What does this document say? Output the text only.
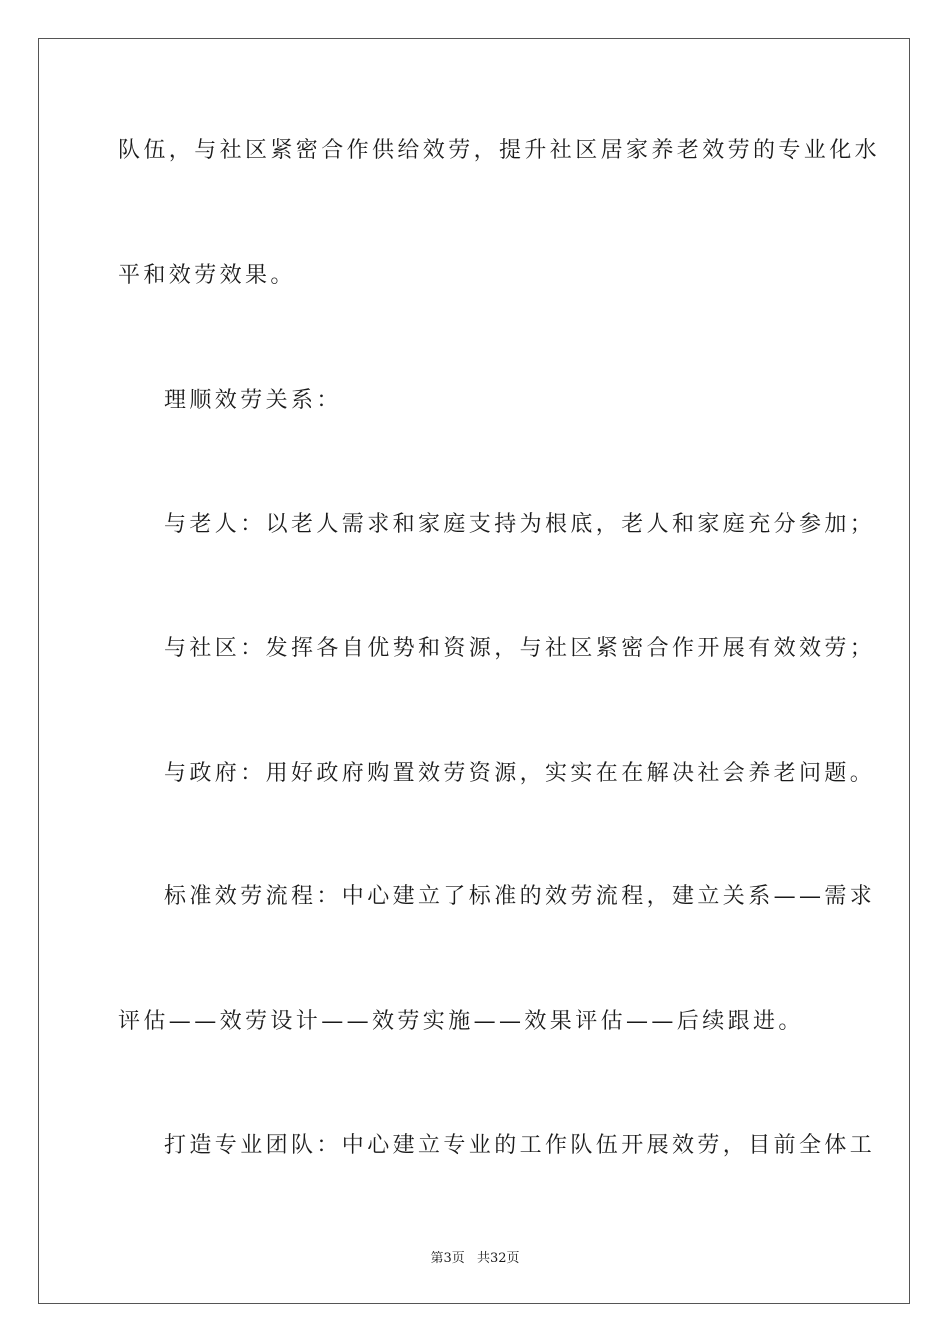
队伍，与社区紧密合作供给效劳，提升社区居家养老效劳的专业化水
平和效劳效果。
理顺效劳关系：
与老人：以老人需求和家庭支持为根底，老人和家庭充分参加；
与社区：发挥各自优势和资源，与社区紧密合作开展有效效劳；
与政府：用好政府购置效劳资源，实实在在解决社会养老问题。
标准效劳流程：中心建立了标准的效劳流程，建立关系——需求
评估——效劳设计——效劳实施——效果评估——后续跟进。
打造专业团队：中心建立专业的工作队伍开展效劳，目前全体工
第3页 共32页
